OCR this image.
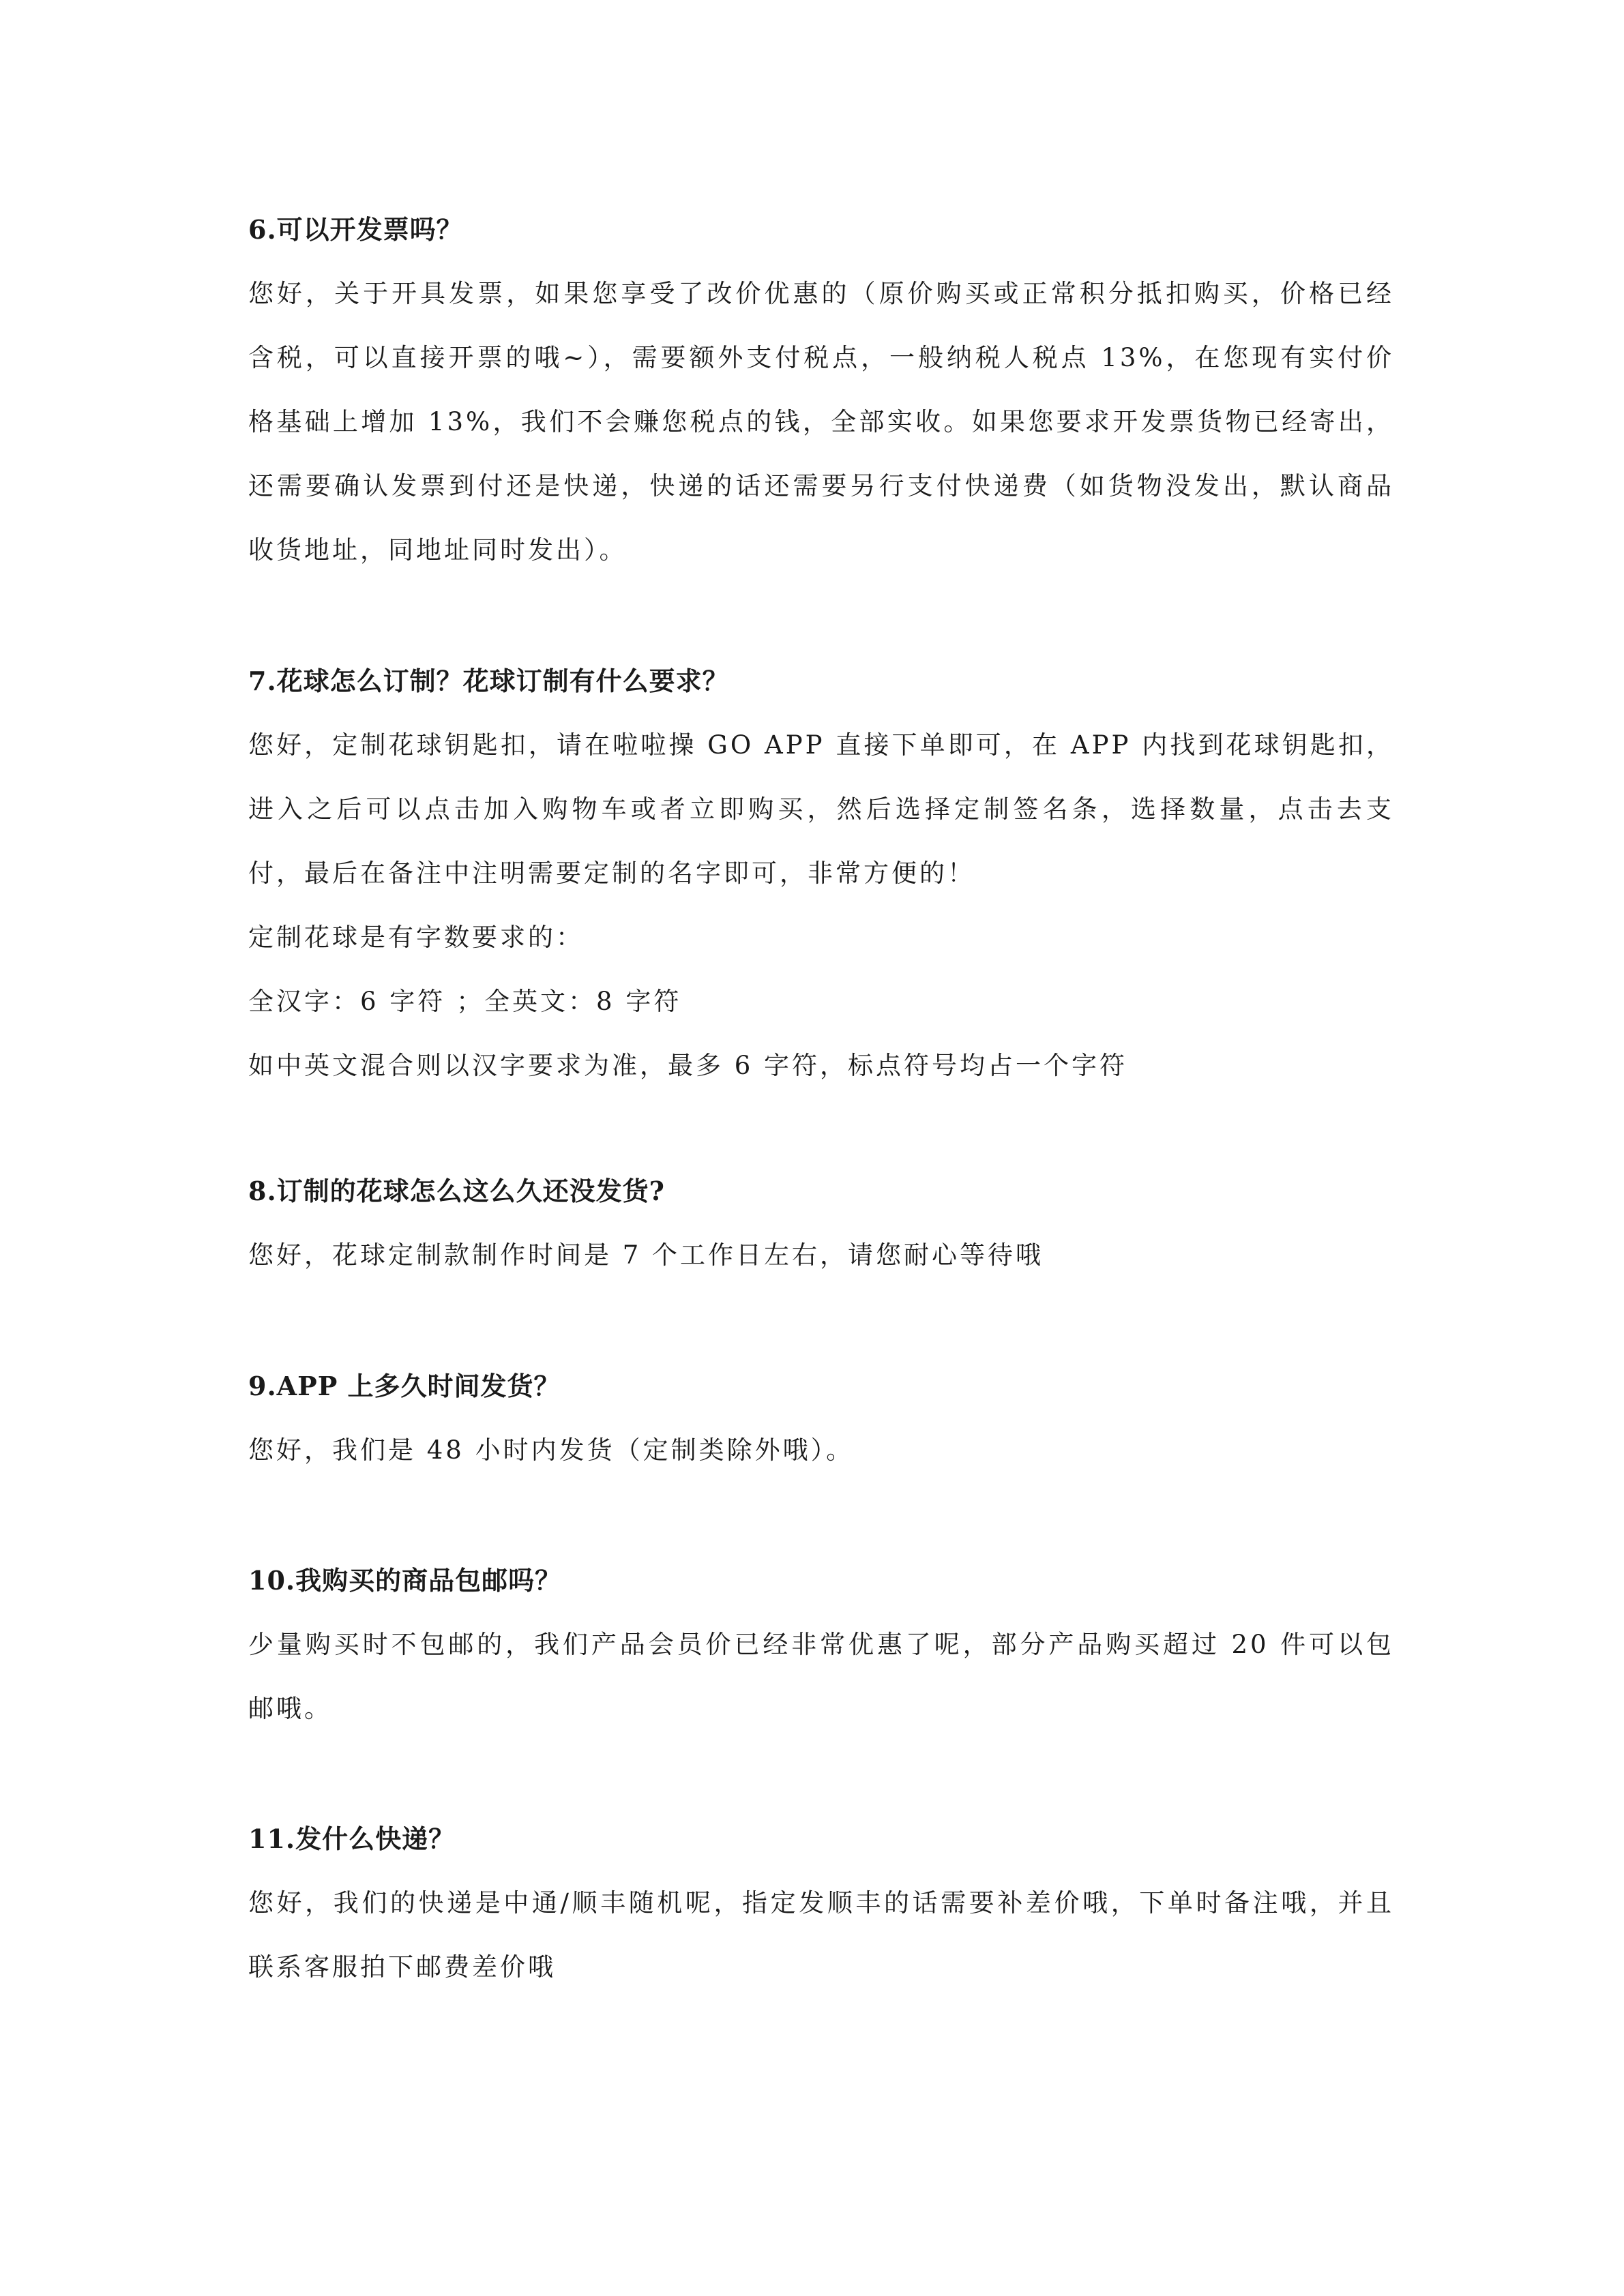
6.可以开发票吗？

您好，关于开具发票，如果您享受了改价优惠的（原价购买或正常积分抵扣购买，价格已经含税，可以直接开票的哦~），需要额外支付税点，一般纳税人税点 13%，在您现有实付价格基础上增加 13%，我们不会赚您税点的钱，全部实收。如果您要求开发票货物已经寄出，还需要确认发票到付还是快递，快递的话还需要另行支付快递费（如货物没发出，默认商品收货地址，同地址同时发出）。

7.花球怎么订制？花球订制有什么要求？

您好，定制花球钥匙扣，请在啦啦操 GO APP 直接下单即可，在 APP 内找到花球钥匙扣，进入之后可以点击加入购物车或者立即购买，然后选择定制签名条，选择数量，点击去支付，最后在备注中注明需要定制的名字即可，非常方便的！

定制花球是有字数要求的：

全汉字：6 字符 ；全英文：8 字符

如中英文混合则以汉字要求为准，最多 6 字符，标点符号均占一个字符

8.订制的花球怎么这么久还没发货?

您好，花球定制款制作时间是 7 个工作日左右，请您耐心等待哦

9.APP 上多久时间发货？

您好，我们是 48 小时内发货（定制类除外哦）。

10.我购买的商品包邮吗？

少量购买时不包邮的，我们产品会员价已经非常优惠了呢，部分产品购买超过 20 件可以包邮哦。

11.发什么快递？

您好，我们的快递是中通/顺丰随机呢，指定发顺丰的话需要补差价哦，下单时备注哦，并且联系客服拍下邮费差价哦
